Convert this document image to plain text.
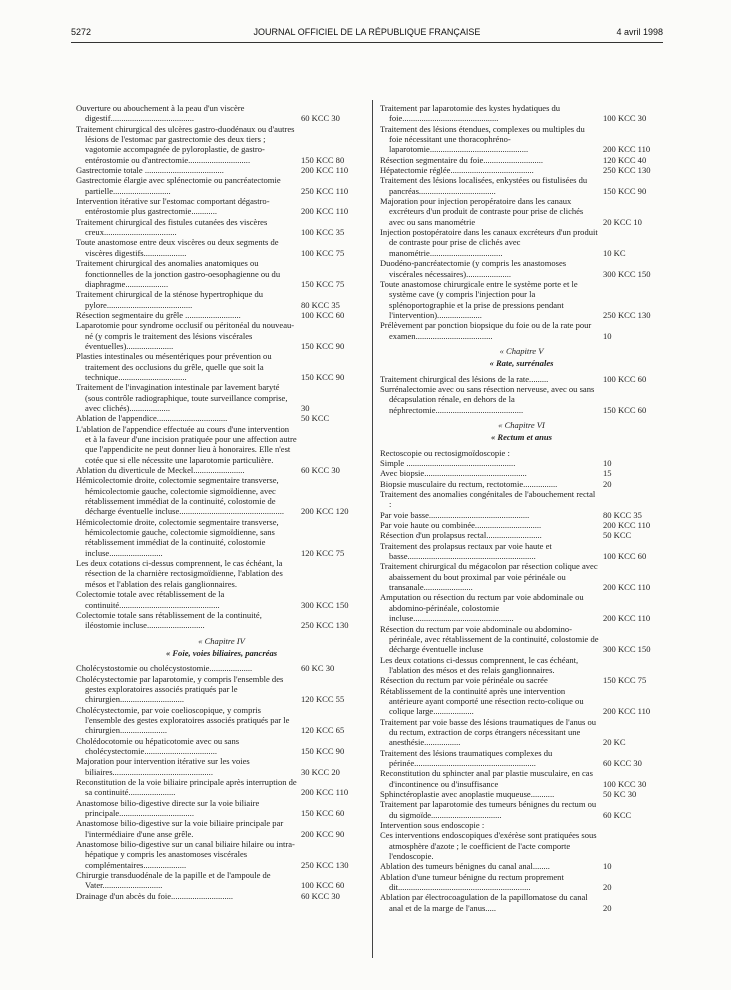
5272	JOURNAL OFFICIEL DE LA RÉPUBLIQUE FRANÇAISE	4 avril 1998
Ouverture ou abouchement à la peau d'un viscère digestif.......................................	60 KCC 30
Traitement chirurgical des ulcères gastro-duodénaux ou d'autres lésions de l'estomac par gastrectomie des deux tiers ; vagotomie accompagnée de pyloroplastie, de gastro-entérostomie ou d'antrectomie.............................	150 KCC 80
Gastrectomie totale .....................................	200 KCC 110
Gastrectomie élargie avec splénectomie ou pancréatectomie partielle...........................	250 KCC 110
Intervention itérative sur l'estomac comportant dégastro-entérostomie plus gastrectomie............	200 KCC 110
Traitement chirurgical des fistules cutanées des viscères creux..................................	100 KCC 35
Toute anastomose entre deux viscères ou deux segments de viscères digestifs....................	100 KCC 75
Traitement chirurgical des anomalies anatomiques ou fonctionnelles de la jonction gastro-oesophagienne ou du diaphragme....................	150 KCC 75
Traitement chirurgical de la sténose hypertrophique du pylore........................................	80 KCC 35
Résection segmentaire du grêle ..........................	100 KCC 60
Laparotomie pour syndrome occlusif ou péritonéal du nouveau-né (y compris le traitement des lésions viscérales éventuelles)......................	150 KCC 90
Plasties intestinales ou mésentériques pour prévention ou traitement des occlusions du grêle, quelle que soit la technique................................	150 KCC 90
Traitement de l'invagination intestinale par lavement baryté (sous contrôle radiographique, toute surveillance comprise, avec clichés)...................	30
Ablation de l'appendice.................................	50 KCC
L'ablation de l'appendice effectuée au cours d'une intervention et à la faveur d'une incision pratiquée pour une affection autre que l'appendicite ne peut donner lieu à honoraires. Elle n'est cotée que si elle nécessite une laparotomie particulière.
Ablation du diverticule de Meckel........................	60 KCC 30
Hémicolectomie droite, colectomie segmentaire transverse, hémicolectomie gauche, colectomie sigmoïdienne, avec rétablissement immédiat de la continuité, colostomie de décharge éventuelle incluse.................................................	200 KCC 120
Hémicolectomie droite, colectomie segmentaire transverse, hémicolectomie gauche, colectomie sigmoïdienne, sans rétablissement immédiat de la continuité, colostomie incluse.........................	120 KCC 75
Les deux cotations ci-dessus comprennent, le cas échéant, la résection de la charnière rectosigmoïdienne, l'ablation des mésos et l'ablation des relais ganglionnaires.
Colectomie totale avec rétablissement de la continuité...............................................	300 KCC 150
Colectomie totale sans rétablissement de la continuité, iléostomie incluse...........................	250 KCC 130
« Chapitre IV
« Foie, voies biliaires, pancréas
Cholécystostomie ou cholécystostomie....................	60 KC 30
Cholécystectomie par laparotomie, y compris l'ensemble des gestes exploratoires associés pratiqués par le chirurgien..............................	120 KCC 55
Cholécystectomie, par voie coelioscopique, y compris l'ensemble des gestes exploratoires associés pratiqués par le chirurgien......................	120 KCC 65
Cholédocotomie ou hépaticotomie avec ou sans cholécystectomie..................................	150 KCC 90
Majoration pour intervention itérative sur les voies biliaires...............................................	30 KCC 20
Reconstitution de la voie biliaire principale après interruption de sa continuité......................	200 KCC 110
Anastomose bilio-digestive directe sur la voie biliaire principale...................................	150 KCC 60
Anastomose bilio-digestive sur la voie biliaire principale par l'intermédiaire d'une anse grêle.	200 KCC 90
Anastomose bilio-digestive sur un canal biliaire hilaire ou intra-hépatique y compris les anastomoses viscérales complémentaires....................	250 KCC 130
Chirurgie transduodénale de la papille et de l'ampoule de Vater............................	100 KCC 60
Drainage d'un abcès du foie.............................	60 KCC 30
Traitement par laparotomie des kystes hydatiques du foie.............................................	100 KCC 30
Traitement des lésions étendues, complexes ou multiples du foie nécessitant une thoracophréno-laparotomie..............................................	200 KCC 110
Résection segmentaire du foie............................	120 KCC 40
Hépatectomie réglée.......................................	250 KCC 130
Traitement des lésions localisées, enkystées ou fistulisées du pancréas....................................	150 KCC 90
Majoration pour injection peropératoire dans les canaux excréteurs d'un produit de contraste pour prise de clichés avec ou sans manométrie	20 KCC 10
Injection postopératoire dans les canaux excréteurs d'un produit de contraste pour prise de clichés avec manométrie..................................	10 KC
Duodéno-pancréatectomie (y compris les anastomoses viscérales nécessaires).....................	300 KCC 150
Toute anastomose chirurgicale entre le système porte et le système cave (y compris l'injection pour la splénoportographie et la prise de pressions pendant l'intervention).....................	250 KCC 130
Prélèvement par ponction biopsique du foie ou de la rate pour examen....................................	10
« Chapitre V
« Rate, surrénales
Traitement chirurgical des lésions de la rate.........	100 KCC 60
Surrénalectomie avec ou sans résection nerveuse, avec ou sans décapsulation rénale, en dehors de la néphrectomie.........................................	150 KCC 60
« Chapitre VI
« Rectum et anus
Rectoscopie ou rectosigmoïdoscopie :
Simple ...................................................	10
Avec biopsie................................................	15
Biopsie musculaire du rectum, rectotomie................	20
Traitement des anomalies congénitales de l'abouchement rectal :
Par voie basse...............................................	80 KCC 35
Par voie haute ou combinée...............................	200 KCC 110
Résection d'un prolapsus rectal..........................	50 KCC
Traitement des prolapsus rectaux par voie haute et basse............................................................	100 KCC 60
Traitement chirurgical du mégacolon par résection colique avec abaissement du bout proximal par voie périnéale ou transanale.......................	200 KCC 110
Amputation ou résection du rectum par voie abdominale ou abdomino-périnéale, colostomie incluse...............................................	200 KCC 110
Résection du rectum par voie abdominale ou abdomino-périnéale, avec rétablissement de la continuité, colostomie de décharge éventuelle incluse	300 KCC 150
Les deux cotations ci-dessus comprennent, le cas échéant, l'ablation des mésos et des relais ganglionnaires.
Résection du rectum par voie périnéale ou sacrée	150 KCC 75
Rétablissement de la continuité après une intervention antérieure ayant comporté une résection recto-colique ou colique large...................	200 KCC 110
Traitement par voie basse des lésions traumatiques de l'anus ou du rectum, extraction de corps étrangers nécessitant une anesthésie.................	20 KC
Traitement des lésions traumatiques complexes du périnée.........................................................	60 KCC 30
Reconstitution du sphincter anal par plastie musculaire, en cas d'incontinence ou d'insuffisance	100 KCC 30
Sphinctéroplastie avec anoplastie muqueuse...........	50 KC 30
Traitement par laparotomie des tumeurs bénignes du rectum ou du sigmoïde.................................	60 KCC
Intervention sous endoscopie :
Ces interventions endoscopiques d'exérèse sont pratiquées sous atmosphère d'azote ; le coefficient de l'acte comporte l'endoscopie.
Ablation des tumeurs bénignes du canal anal........	10
Ablation d'une tumeur bénigne du rectum proprement dit..............................................................	20
Ablation par électrocoagulation de la papillomatose du canal anal et de la marge de l'anus.....	20
